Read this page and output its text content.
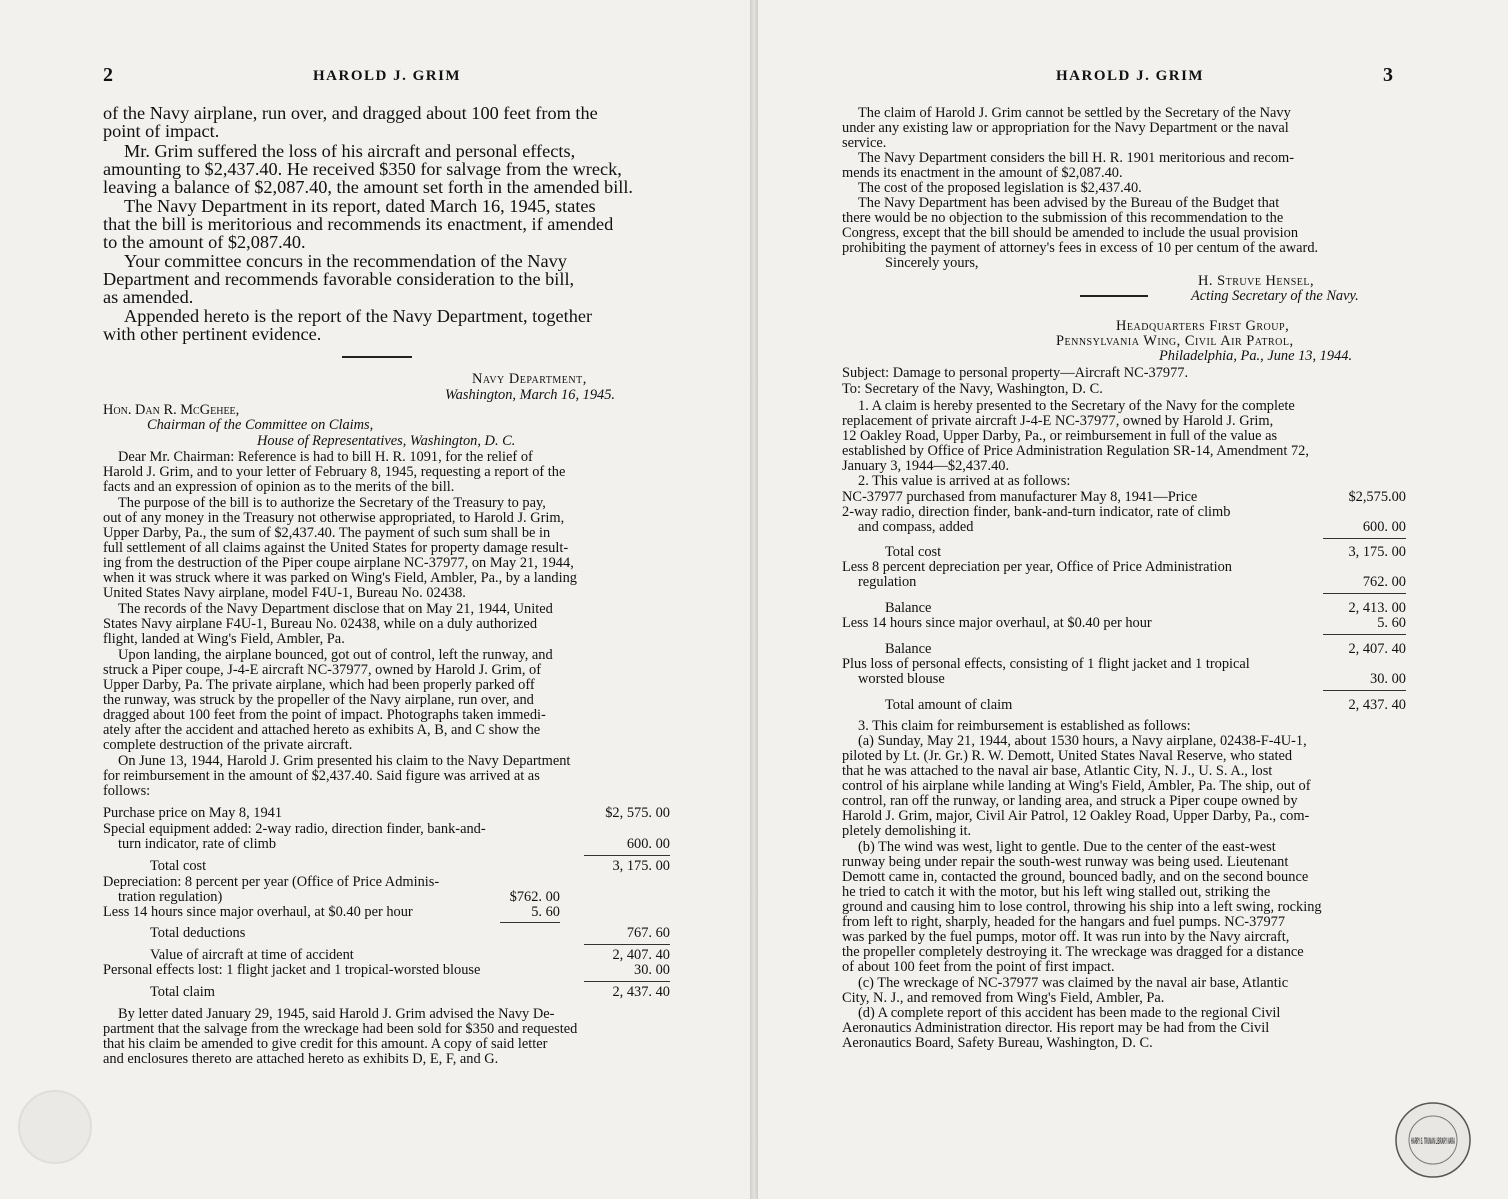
2	HAROLD J. GRIM
of the Navy airplane, run over, and dragged about 100 feet from the
point of impact.
Mr. Grim suffered the loss of his aircraft and personal effects,
amounting to $2,437.40. He received $350 for salvage from the wreck,
leaving a balance of $2,087.40, the amount set forth in the amended bill.
The Navy Department in its report, dated March 16, 1945, states
that the bill is meritorious and recommends its enactment, if amended
to the amount of $2,087.40.
Your committee concurs in the recommendation of the Navy
Department and recommends favorable consideration to the bill,
as amended.
Appended hereto is the report of the Navy Department, together
with other pertinent evidence.
Navy Department,
Washington, March 16, 1945.
Hon. Dan R. McGehee,
Chairman of the Committee on Claims,
House of Representatives, Washington, D. C.
Dear Mr. Chairman: Reference is had to bill H. R. 1091, for the relief of
Harold J. Grim, and to your letter of February 8, 1945, requesting a report of the
facts and an expression of opinion as to the merits of the bill.
The purpose of the bill is to authorize the Secretary of the Treasury to pay,
out of any money in the Treasury not otherwise appropriated, to Harold J. Grim,
Upper Darby, Pa., the sum of $2,437.40. The payment of such sum shall be in
full settlement of all claims against the United States for property damage result-
ing from the destruction of the Piper coupe airplane NC-37977, on May 21, 1944,
when it was struck where it was parked on Wing's Field, Ambler, Pa., by a landing
United States Navy airplane, model F4U-1, Bureau No. 02438.
The records of the Navy Department disclose that on May 21, 1944, United
States Navy airplane F4U-1, Bureau No. 02438, while on a duly authorized
flight, landed at Wing's Field, Ambler, Pa.
Upon landing, the airplane bounced, got out of control, left the runway, and
struck a Piper coupe, J-4-E aircraft NC-37977, owned by Harold J. Grim, of
Upper Darby, Pa. The private airplane, which had been properly parked off
the runway, was struck by the propeller of the Navy airplane, run over, and
dragged about 100 feet from the point of impact. Photographs taken immedi-
ately after the accident and attached hereto as exhibits A, B, and C show the
complete destruction of the private aircraft.
On June 13, 1944, Harold J. Grim presented his claim to the Navy Department
for reimbursement in the amount of $2,437.40. Said figure was arrived at as
follows:
Purchase price on May 8, 1941	$2, 575. 00
Special equipment added: 2-way radio, direction finder, bank-and-
turn indicator, rate of climb	600. 00
Total cost	3, 175. 00
Depreciation: 8 percent per year (Office of Price Adminis-
tration regulation)	$762. 00
Less 14 hours since major overhaul, at $0.40 per hour	5. 60
Total deductions	767. 60
Value of aircraft at time of accident	2, 407. 40
Personal effects lost: 1 flight jacket and 1 tropical-worsted blouse	30. 00
Total claim	2, 437. 40
By letter dated January 29, 1945, said Harold J. Grim advised the Navy De-
partment that the salvage from the wreckage had been sold for $350 and requested
that his claim be amended to give credit for this amount. A copy of said letter
and enclosures thereto are attached hereto as exhibits D, E, F, and G.
HAROLD J. GRIM	3
The claim of Harold J. Grim cannot be settled by the Secretary of the Navy
under any existing law or appropriation for the Navy Department or the naval
service.
The Navy Department considers the bill H. R. 1901 meritorious and recom-
mends its enactment in the amount of $2,087.40.
The cost of the proposed legislation is $2,437.40.
The Navy Department has been advised by the Bureau of the Budget that
there would be no objection to the submission of this recommendation to the
Congress, except that the bill should be amended to include the usual provision
prohibiting the payment of attorney's fees in excess of 10 per centum of the award.
Sincerely yours,
H. Struve Hensel,
Acting Secretary of the Navy.
Headquarters First Group,
Pennsylvania Wing, Civil Air Patrol,
Philadelphia, Pa., June 13, 1944.
Subject: Damage to personal property—Aircraft NC-37977.
To: Secretary of the Navy, Washington, D. C.
1. A claim is hereby presented to the Secretary of the Navy for the complete
replacement of private aircraft J-4-E NC-37977, owned by Harold J. Grim,
12 Oakley Road, Upper Darby, Pa., or reimbursement in full of the value as
established by Office of Price Administration Regulation SR-14, Amendment 72,
January 3, 1944—$2,437.40.
2. This value is arrived at as follows:
NC-37977 purchased from manufacturer May 8, 1941—Price	$2,575.00
2-way radio, direction finder, bank-and-turn indicator, rate of climb
and compass, added	600. 00
Total cost	3, 175. 00
Less 8 percent depreciation per year, Office of Price Administration
regulation	762. 00
Balance	2, 413. 00
Less 14 hours since major overhaul, at $0.40 per hour	5. 60
Balance	2, 407. 40
Plus loss of personal effects, consisting of 1 flight jacket and 1 tropical
worsted blouse	30. 00
Total amount of claim	2, 437. 40
3. This claim for reimbursement is established as follows:
(a) Sunday, May 21, 1944, about 1530 hours, a Navy airplane, 02438-F-4U-1,
piloted by Lt. (Jr. Gr.) R. W. Demott, United States Naval Reserve, who stated
that he was attached to the naval air base, Atlantic City, N. J., U. S. A., lost
control of his airplane while landing at Wing's Field, Ambler, Pa. The ship, out of
control, ran off the runway, or landing area, and struck a Piper coupe owned by
Harold J. Grim, major, Civil Air Patrol, 12 Oakley Road, Upper Darby, Pa., com-
pletely demolishing it.
(b) The wind was west, light to gentle. Due to the center of the east-west
runway being under repair the south-west runway was being used. Lieutenant
Demott came in, contacted the ground, bounced badly, and on the second bounce
he tried to catch it with the motor, but his left wing stalled out, striking the
ground and causing him to lose control, throwing his ship into a left swing, rocking
from left to right, sharply, headed for the hangars and fuel pumps. NC-37977
was parked by the fuel pumps, motor off. It was run into by the Navy aircraft,
the propeller completely destroying it. The wreckage was dragged for a distance
of about 100 feet from the point of first impact.
(c) The wreckage of NC-37977 was claimed by the naval air base, Atlantic
City, N. J., and removed from Wing's Field, Ambler, Pa.
(d) A complete report of this accident has been made to the regional Civil
Aeronautics Administration director. His report may be had from the Civil
Aeronautics Board, Safety Bureau, Washington, D. C.
HARRY S. TRUMAN LIBRARY NARA
